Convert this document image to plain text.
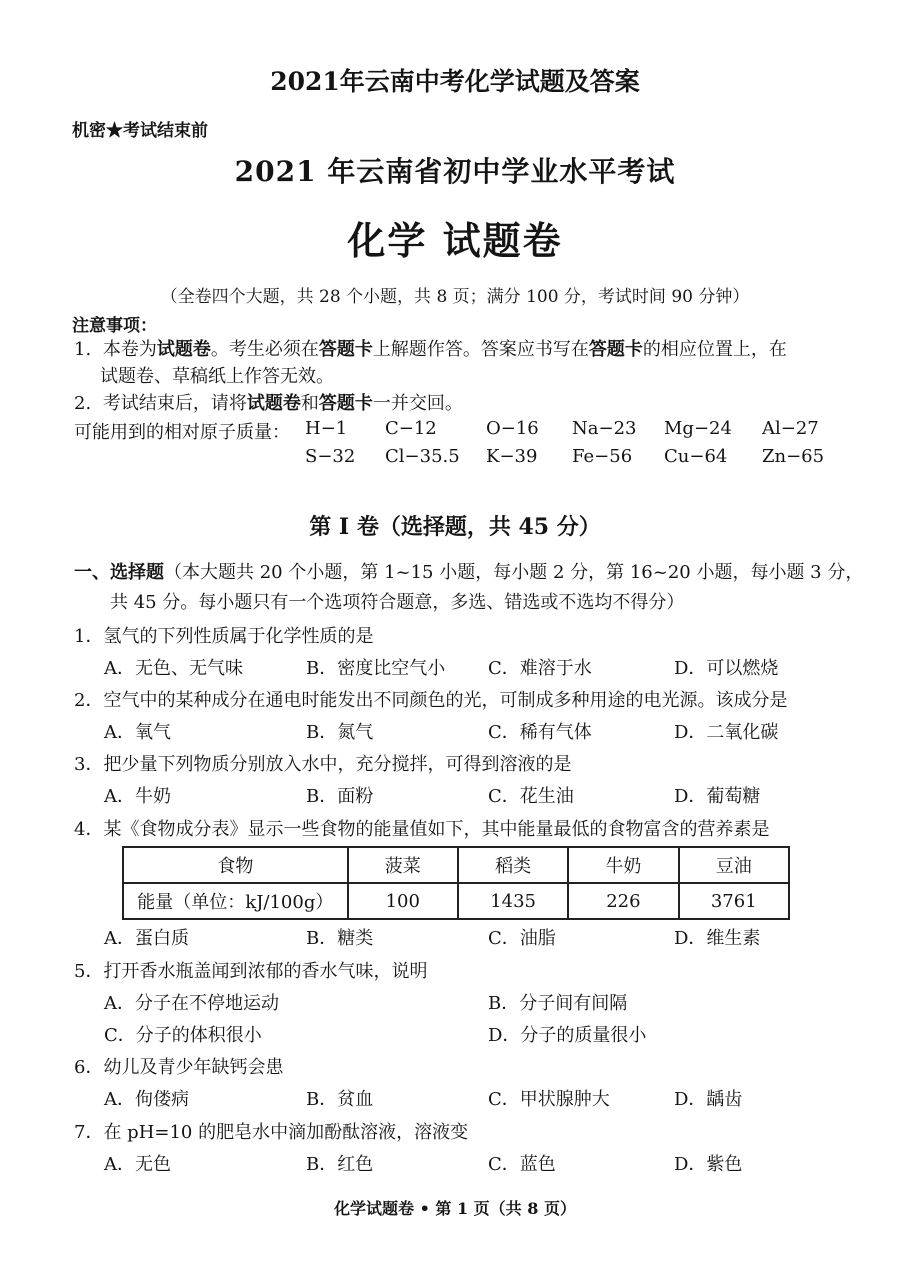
2021年云南中考化学试题及答案
机密★考试结束前
2021 年云南省初中学业水平考试
化学 试题卷
（全卷四个大题，共 28 个小题，共 8 页；满分 100 分，考试时间 90 分钟）
注意事项：
1. 本卷为试题卷。考生必须在答题卡上解题作答。答案应书写在答题卡的相应位置上，在
试题卷、草稿纸上作答无效。
2. 考试结束后，请将试题卷和答题卡一并交回。
可能用到的相对原子质量： H−1 C−12	O−16 Na−23 Mg−24 Al−27
S−32 Cl−35.5 K−39 Fe−56 Cu−64 Zn−65
第 Ⅰ 卷（选择题，共 45 分）
一、选择题（本大题共 20 个小题，第 1~15 小题，每小题 2 分，第 16~20 小题，每小题 3 分，
共 45 分。每小题只有一个选项符合题意，多选、错选或不选均不得分）
1．氢气的下列性质属于化学性质的是
A．无色、无气味	B．密度比空气小 C．难溶于水	D．可以燃烧
2．空气中的某种成分在通电时能发出不同颜色的光，可制成多种用途的电光源。该成分是
A．氧气	B．氮气	C．稀有气体	D．二氧化碳
3．把少量下列物质分别放入水中，充分搅拌，可得到溶液的是
A．牛奶	B．面粉	C．花生油	D．葡萄糖
4．某《食物成分表》显示一些食物的能量值如下，其中能量最低的食物富含的营养素是
食物	菠菜	稻类	牛奶	豆油
能量（单位：kJ/100g）	100	1435	226	3761
A．蛋白质	B．糖类	C．油脂	D．维生素
5．打开香水瓶盖闻到浓郁的香水气味，说明
A．分子在不停地运动	B．分子间有间隔
C．分子的体积很小	D．分子的质量很小
6．幼儿及青少年缺钙会患
A．佝偻病	B．贫血	C．甲状腺肿大	D．龋齿
7．在 pH=10 的肥皂水中滴加酚酞溶液，溶液变
A．无色	B．红色	C．蓝色	D．紫色
化学试题卷 • 第 1 页（共 8 页）
